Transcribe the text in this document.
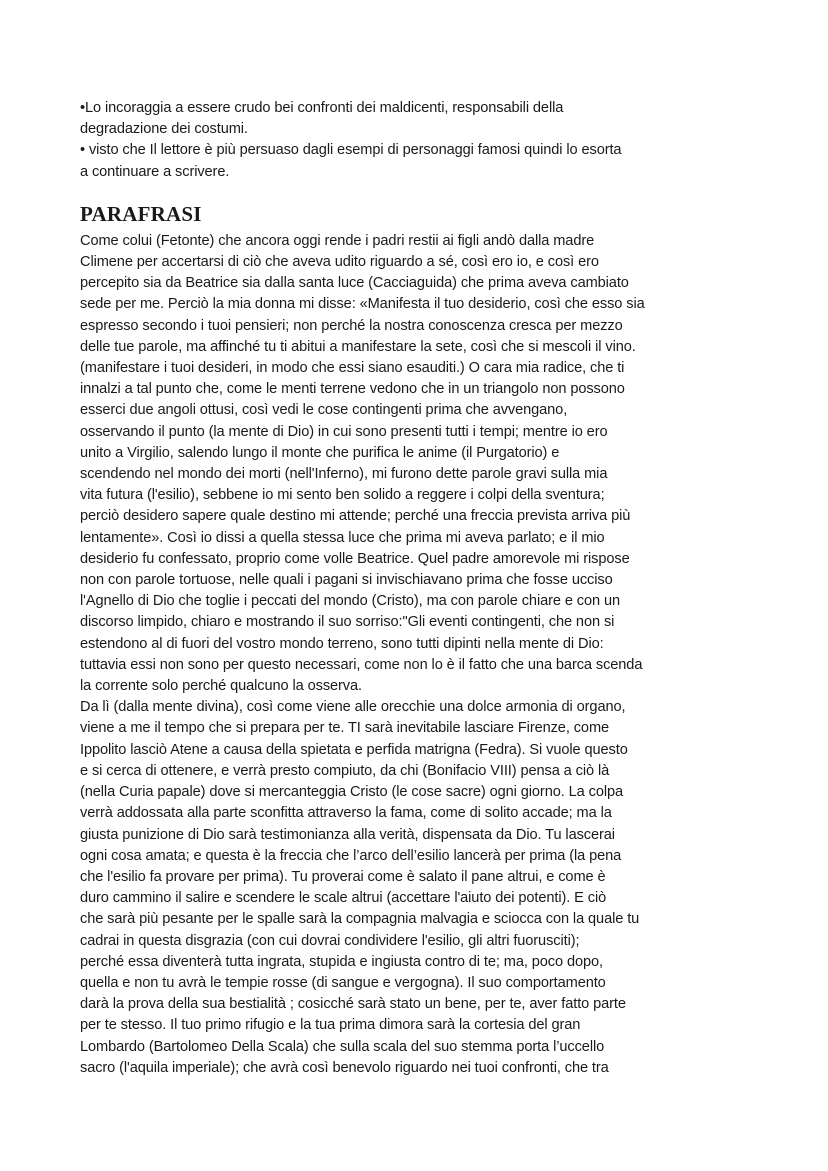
•Lo incoraggia a essere crudo bei confronti dei maldicenti, responsabili della
degradazione dei costumi.
• visto che Il lettore è più persuaso dagli esempi di personaggi famosi quindi lo esorta
a continuare a scrivere.
PARAFRASI
Come colui (Fetonte) che ancora oggi rende i padri restii ai figli andò dalla madre
Climene per accertarsi di ciò che aveva udito riguardo a sé, così ero io, e così ero
percepito sia da Beatrice sia dalla santa luce (Cacciaguida) che prima aveva cambiato
sede per me. Perciò la mia donna mi disse: «Manifesta il tuo desiderio, così che esso sia
espresso secondo i tuoi pensieri; non perché la nostra conoscenza cresca per mezzo
delle tue parole, ma affinché tu ti abitui a manifestare la sete, così che si mescoli il vino.
(manifestare i tuoi desideri, in modo che essi siano esauditi.) O cara mia radice, che ti
innalzi a tal punto che, come le menti terrene vedono che in un triangolo non possono
esserci due angoli ottusi, così vedi le cose contingenti prima che avvengano,
osservando il punto (la mente di Dio) in cui sono presenti tutti i tempi; mentre io ero
unito a Virgilio, salendo lungo il monte che purifica le anime (il Purgatorio) e
scendendo nel mondo dei morti (nell'Inferno), mi furono dette parole gravi sulla mia
vita futura (l'esilio), sebbene io mi sento ben solido a reggere i colpi della sventura;
perciò desidero sapere quale destino mi attende; perché una freccia prevista arriva più
lentamente». Così io dissi a quella stessa luce che prima mi aveva parlato; e il mio
desiderio fu confessato, proprio come volle Beatrice. Quel padre amorevole mi rispose
non con parole tortuose, nelle quali i pagani si invischiavano prima che fosse ucciso
l'Agnello di Dio che toglie i peccati del mondo (Cristo), ma con parole chiare e con un
discorso limpido, chiaro e mostrando il suo sorriso:"Gli eventi contingenti, che non si
estendono al di fuori del vostro mondo terreno, sono tutti dipinti nella mente di Dio:
tuttavia essi non sono per questo necessari, come non lo è il fatto che una barca scenda
la corrente solo perché qualcuno la osserva.
Da lì (dalla mente divina), così come viene alle orecchie una dolce armonia di organo,
viene a me il tempo che si prepara per te. TI sarà inevitabile lasciare Firenze, come
Ippolito lasciò Atene a causa della spietata e perfida matrigna (Fedra). Si vuole questo
e si cerca di ottenere, e verrà presto compiuto, da chi (Bonifacio VIII) pensa a ciò là
(nella Curia papale) dove si mercanteggia Cristo (le cose sacre) ogni giorno. La colpa
verrà addossata alla parte sconfitta attraverso la fama, come di solito accade; ma la
giusta punizione di Dio sarà testimonianza alla verità, dispensata da Dio. Tu lascerai
ogni cosa amata; e questa è la freccia che l’arco dell’esilio lancerà per prima (la pena
che l'esilio fa provare per prima). Tu proverai come è salato il pane altrui, e come è
duro cammino il salire e scendere le scale altrui (accettare l'aiuto dei potenti). E ciò
che sarà più pesante per le spalle sarà la compagnia malvagia e sciocca con la quale tu
cadrai in questa disgrazia (con cui dovrai condividere l'esilio, gli altri fuorusciti);
perché essa diventerà tutta ingrata, stupida e ingiusta contro di te; ma, poco dopo,
quella e non tu avrà le tempie rosse (di sangue e vergogna). Il suo comportamento
darà la prova della sua bestialità ; cosicché sarà stato un bene, per te, aver fatto parte
per te stesso. Il tuo primo rifugio e la tua prima dimora sarà la cortesia del gran
Lombardo (Bartolomeo Della Scala) che sulla scala del suo stemma porta l’uccello
sacro (l'aquila imperiale); che avrà così benevolo riguardo nei tuoi confronti, che tra
